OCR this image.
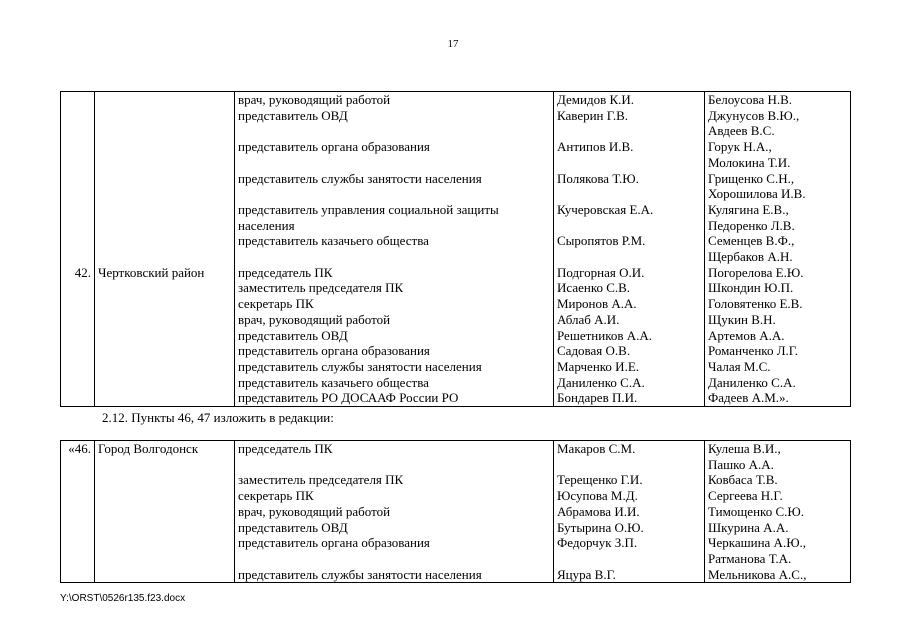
17
		врач, руководящий работой	Демидов К.И.	Белоусова Н.В.
		представитель ОВД	Каверин Г.В.	Джунусов В.Ю.,
				Авдеев В.С.
		представитель органа образования	Антипов И.В.	Горук Н.А.,
				Молокина Т.И.
		представитель службы занятости населения	Полякова Т.Ю.	Грищенко С.Н.,
				Хорошилова И.В.
		представитель управления социальной защиты	Кучеровская Е.А.	Кулягина Е.В.,
		населения		Педоренко Л.В.
		представитель казачьего общества	Сыропятов Р.М.	Семенцев В.Ф.,
				Щербаков А.Н.
42.	Чертковский район	председатель ПК	Подгорная О.И.	Погорелова Е.Ю.
		заместитель председателя ПК	Исаенко С.В.	Шкондин Ю.П.
		секретарь ПК	Миронов А.А.	Головятенко Е.В.
		врач, руководящий работой	Аблаб А.И.	Щукин В.Н.
		представитель ОВД	Решетников А.А.	Артемов А.А.
		представитель органа образования	Садовая О.В.	Романченко Л.Г.
		представитель службы занятости населения	Марченко И.Е.	Чалая М.С.
		представитель казачьего общества	Даниленко С.А.	Даниленко С.А.
		представитель РО ДОСААФ России РО	Бондарев П.И.	Фадеев А.М.».
2.12. Пункты 46, 47 изложить в редакции:
«46.	Город Волгодонск	председатель ПК	Макаров С.М.	Кулеша В.И.,
				Пашко А.А.
		заместитель председателя ПК	Терещенко Г.И.	Ковбаса Т.В.
		секретарь ПК	Юсупова М.Д.	Сергеева Н.Г.
		врач, руководящий работой	Абрамова И.И.	Тимощенко С.Ю.
		представитель ОВД	Бутырина О.Ю.	Шкурина А.А.
		представитель органа образования	Федорчук З.П.	Черкашина А.Ю.,
				Ратманова Т.А.
		представитель службы занятости населения	Яцура В.Г.	Мельникова А.С.,
Y:\ORST\0526r135.f23.docx
